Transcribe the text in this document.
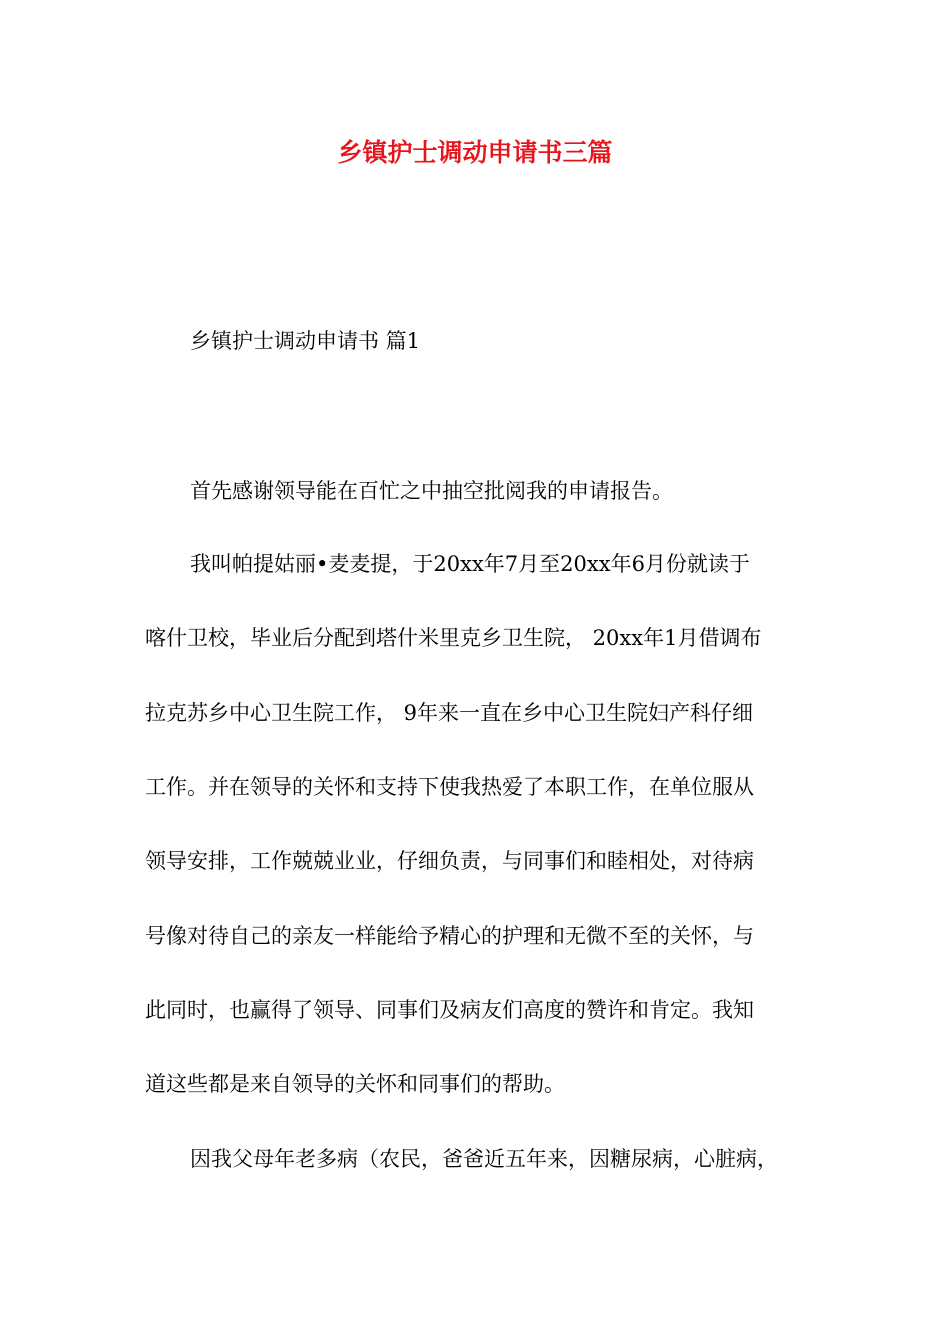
乡镇护士调动申请书三篇

乡镇护士调动申请书 篇1

首先感谢领导能在百忙之中抽空批阅我的申请报告。

我叫帕提姑丽•麦麦提，于20xx年7月至20xx年6月份就读于

喀什卫校，毕业后分配到塔什米里克乡卫生院， 20xx年1月借调布

拉克苏乡中心卫生院工作， 9年来一直在乡中心卫生院妇产科仔细

工作。并在领导的关怀和支持下使我热爱了本职工作，在单位服从

领导安排，工作兢兢业业，仔细负责，与同事们和睦相处，对待病

号像对待自己的亲友一样能给予精心的护理和无微不至的关怀，与

此同时，也赢得了领导、同事们及病友们高度的赞许和肯定。我知

道这些都是来自领导的关怀和同事们的帮助。

因我父母年老多病（农民，爸爸近五年来，因糖尿病，心脏病，
